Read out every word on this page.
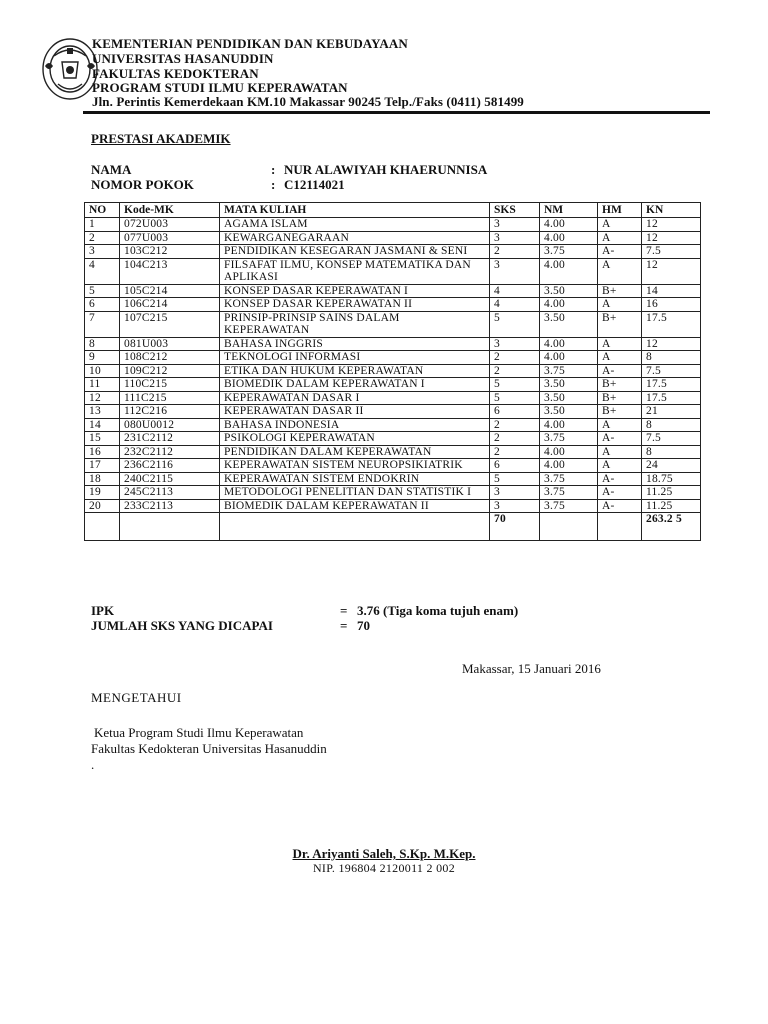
KEMENTERIAN PENDIDIKAN DAN KEBUDAYAAN
UNIVERSITAS HASANUDDIN
FAKULTAS KEDOKTERAN
PROGRAM STUDI ILMU KEPERAWATAN
Jln. Perintis Kemerdekaan KM.10 Makassar 90245 Telp./Faks (0411) 581499
PRESTASI AKADEMIK
NAMA	: NUR ALAWIYAH KHAERUNNISA
NOMOR POKOK	: C12114021
NO	Kode-MK	MATA KULIAH	SKS	NM	HM	KN
1	072U003	AGAMA ISLAM	3	4.00	A	12
2	077U003	KEWARGANEGARAAN	3	4.00	A	12
3	103C212	PENDIDIKAN KESEGARAN JASMANI & SENI	2	3.75	A-	7.5
4	104C213	FILSAFAT ILMU, KONSEP MATEMATIKA DAN APLIKASI	3	4.00	A	12
5	105C214	KONSEP DASAR KEPERAWATAN I	4	3.50	B+	14
6	106C214	KONSEP DASAR KEPERAWATAN II	4	4.00	A	16
7	107C215	PRINSIP-PRINSIP SAINS DALAM KEPERAWATAN	5	3.50	B+	17.5
8	081U003	BAHASA INGGRIS	3	4.00	A	12
9	108C212	TEKNOLOGI INFORMASI	2	4.00	A	8
10	109C212	ETIKA DAN HUKUM KEPERAWATAN	2	3.75	A-	7.5
11	110C215	BIOMEDIK DALAM KEPERAWATAN I	5	3.50	B+	17.5
12	111C215	KEPERAWATAN DASAR I	5	3.50	B+	17.5
13	112C216	KEPERAWATAN DASAR II	6	3.50	B+	21
14	080U0012	BAHASA INDONESIA	2	4.00	A	8
15	231C2112	PSIKOLOGI KEPERAWATAN	2	3.75	A-	7.5
16	232C2112	PENDIDIKAN DALAM KEPERAWATAN	2	4.00	A	8
17	236C2116	KEPERAWATAN SISTEM NEUROPSIKIATRIK	6	4.00	A	24
18	240C2115	KEPERAWATAN SISTEM ENDOKRIN	5	3.75	A-	18.75
19	245C2113	METODOLOGI PENELITIAN DAN STATISTIK I	3	3.75	A-	11.25
20	233C2113	BIOMEDIK DALAM KEPERAWATAN II	3	3.75	A-	11.25
			70			263.2 5
IPK	= 3.76 (Tiga koma tujuh enam)
JUMLAH SKS YANG DICAPAI	= 70
Makassar, 15 Januari 2016
MENGETAHUI
Ketua Program Studi Ilmu Keperawatan
Fakultas Kedokteran Universitas Hasanuddin
.
Dr. Ariyanti Saleh, S.Kp. M.Kep.
NIP. 196804 2120011 2 002
